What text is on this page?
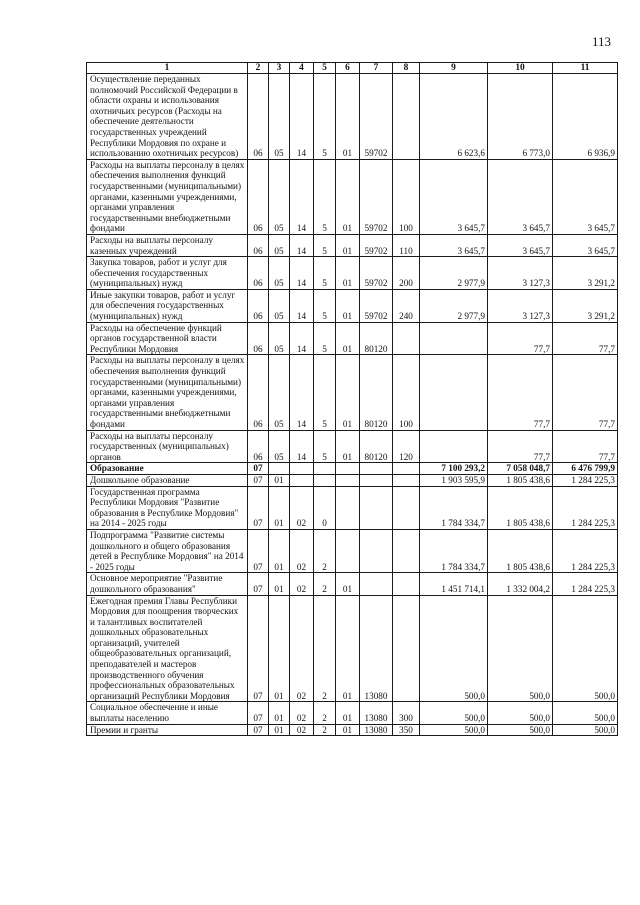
113
1	2	3	4	5	6	7	8	9	10	11
Осуществление переданных полномочий Российской Федерации в области охраны и использования охотничьих ресурсов (Расходы на обеспечение деятельности государственных учреждений Республики Мордовия по охране и использованию охотничьих ресурсов)	06	05	14	5	01	59702		6 623,6	6 773,0	6 936,9
Расходы на выплаты персоналу в целях обеспечения выполнения функций государственными (муниципальными) органами, казенными учреждениями, органами управления государственными внебюджетными фондами	06	05	14	5	01	59702	100	3 645,7	3 645,7	3 645,7
Расходы на выплаты персоналу казенных учреждений	06	05	14	5	01	59702	110	3 645,7	3 645,7	3 645,7
Закупка товаров, работ и услуг для обеспечения государственных (муниципальных) нужд	06	05	14	5	01	59702	200	2 977,9	3 127,3	3 291,2
Иные закупки товаров, работ и услуг для обеспечения государственных (муниципальных) нужд	06	05	14	5	01	59702	240	2 977,9	3 127,3	3 291,2
Расходы на обеспечение функций органов государственной власти Республики Мордовия	06	05	14	5	01	80120			77,7	77,7
Расходы на выплаты персоналу в целях обеспечения выполнения функций государственными (муниципальными) органами, казенными учреждениями, органами управления государственными внебюджетными фондами	06	05	14	5	01	80120	100		77,7	77,7
Расходы на выплаты персоналу государственных (муниципальных) органов	06	05	14	5	01	80120	120		77,7	77,7
Образование	07							7 100 293,2	7 058 048,7	6 476 799,9
Дошкольное образование	07	01						1 903 595,9	1 805 438,6	1 284 225,3
Государственная программа Республики Мордовия "Развитие образования в Республике Мордовия" на 2014 - 2025 годы	07	01	02	0				1 784 334,7	1 805 438,6	1 284 225,3
Подпрограмма "Развитие системы дошкольного и общего образования детей в Республике Мордовия" на 2014 - 2025 годы	07	01	02	2				1 784 334,7	1 805 438,6	1 284 225,3
Основное мероприятие "Развитие дошкольного образования"	07	01	02	2	01			1 451 714,1	1 332 004,2	1 284 225,3
Ежегодная премия Главы Республики Мордовия для поощрения творческих и талантливых воспитателей дошкольных образовательных организаций, учителей общеобразовательных организаций, преподавателей и мастеров производственного обучения профессиональных образовательных организаций Республики Мордовия	07	01	02	2	01	13080		500,0	500,0	500,0
Социальное обеспечение и иные выплаты населению	07	01	02	2	01	13080	300	500,0	500,0	500,0
Премии и гранты	07	01	02	2	01	13080	350	500,0	500,0	500,0
